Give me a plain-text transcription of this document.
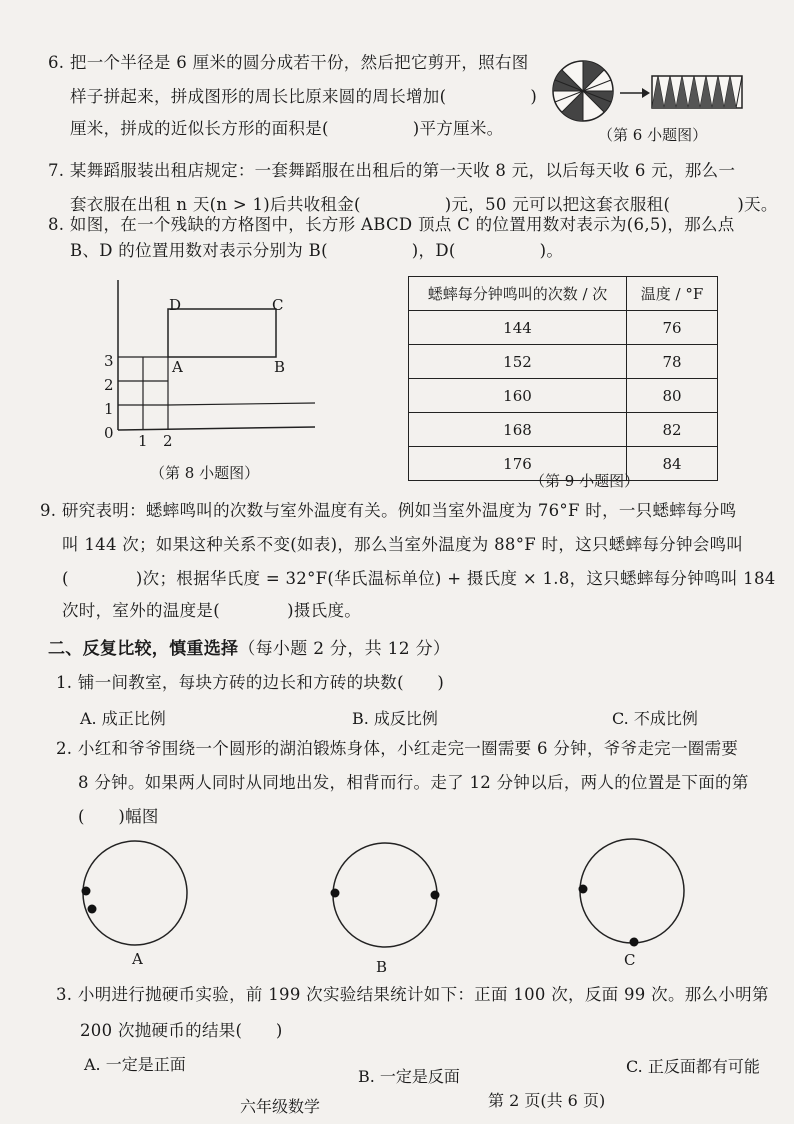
6. 把一个半径是 6 厘米的圆分成若干份，然后把它剪开，照右图
样子拼起来，拼成图形的周长比原来圆的周长增加(　　　　　)
厘米，拼成的近似长方形的面积是(　　　　　)平方厘米。	（第 6 小题图）
7. 某舞蹈服装出租店规定：一套舞蹈服在出租后的第一天收 8 元，以后每天收 6 元，那么一
套衣服在出租 n 天(n > 1)后共收租金(　　　　　)元，50 元可以把这套衣服租(　　　　)天。
8. 如图，在一个残缺的方格图中，长方形 ABCD 顶点 C 的位置用数对表示为(6,5)，那么点
B、D 的位置用数对表示分别为 B(　　　　　)，D(　　　　　)。
D	C
A	B
3
2
1
0 1 2
（第 8 小题图）
蟋蟀每分钟鸣叫的次数 / 次	温度 / °F
144	76
152	78
160	80
168	82
176	84
（第 9 小题图）
9. 研究表明：蟋蟀鸣叫的次数与室外温度有关。例如当室外温度为 76°F 时，一只蟋蟀每分鸣
叫 144 次；如果这种关系不变(如表)，那么当室外温度为 88°F 时，这只蟋蟀每分钟会鸣叫
(　　　　)次；根据华氏度 = 32°F(华氏温标单位) + 摄氏度 × 1.8，这只蟋蟀每分钟鸣叫 184
次时，室外的温度是(　　　　)摄氏度。
二、反复比较，慎重选择（每小题 2 分，共 12 分）
1. 铺一间教室，每块方砖的边长和方砖的块数(　　)
A. 成正比例	B. 成反比例	C. 不成比例
2. 小红和爷爷围绕一个圆形的湖泊锻炼身体，小红走完一圈需要 6 分钟，爷爷走完一圈需要
8 分钟。如果两人同时从同地出发，相背而行。走了 12 分钟以后，两人的位置是下面的第
(　　)幅图
A	B	C
3. 小明进行抛硬币实验，前 199 次实验结果统计如下：正面 100 次，反面 99 次。那么小明第
200 次抛硬币的结果(　　)
A. 一定是正面
B. 一定是反面
C. 正反面都有可能
六年级数学	第 2 页(共 6 页)
